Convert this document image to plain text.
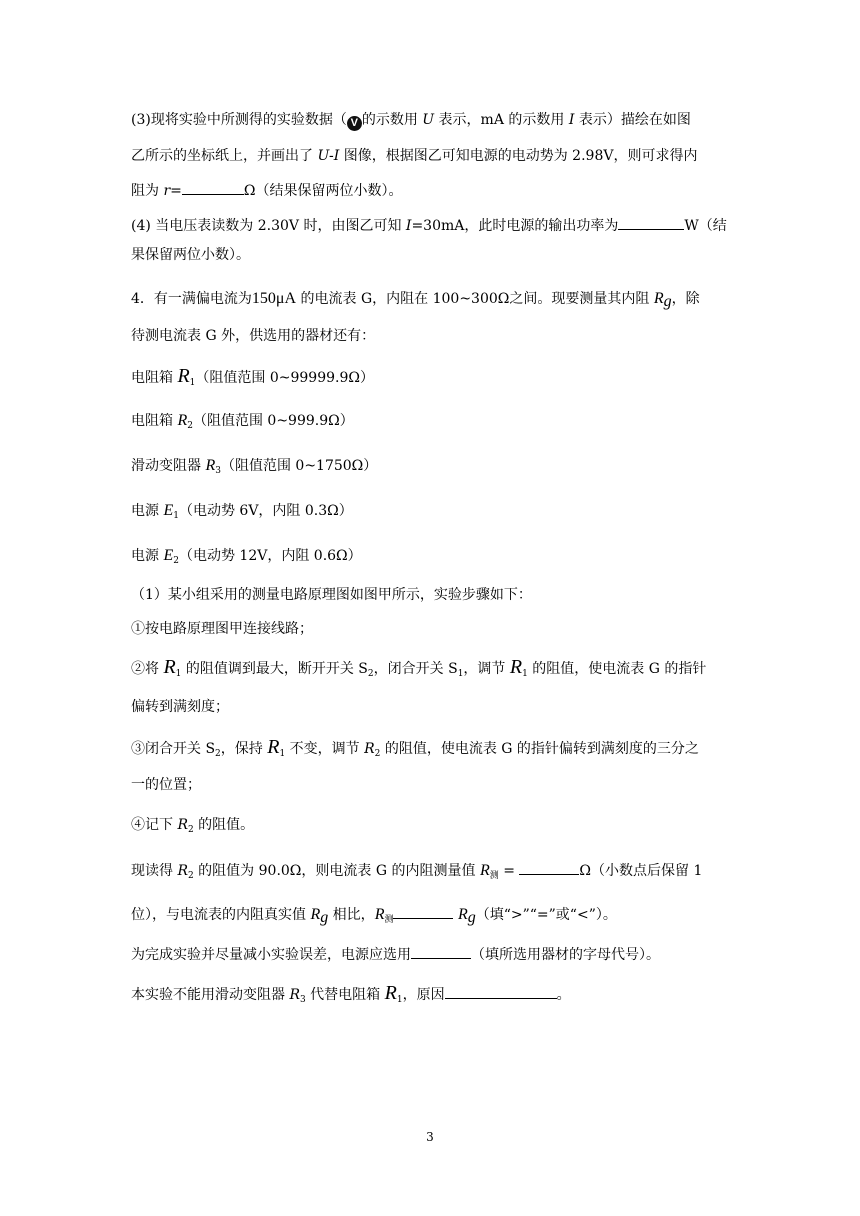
(3)现将实验中所测得的实验数据（ V 的示数用 U 表示，mA 的示数用 I 表示）描绘在如图
乙所示的坐标纸上，并画出了 U-I 图像，根据图乙可知电源的电动势为 2.98V，则可求得内
阻为 r=	Ω（结果保留两位小数）。
(4) 当电压表读数为 2.30V 时，由图乙可知 I=30mA，此时电源的输出功率为	W（结
果保留两位小数）。
4．有一满偏电流为150μA 的电流表 G，内阻在 100~300Ω之间。现要测量其内阻 $R_g$，除
待测电流表 G 外，供选用的器材还有：
电阻箱 $R_1$（阻值范围 0~99999.9Ω）
电阻箱 $R_2$（阻值范围 0~999.9Ω）
滑动变阻器 $R_3$（阻值范围 0~1750Ω）
电源 $E_1$（电动势 6V，内阻 0.3Ω）
电源 $E_2$（电动势 12V，内阻 0.6Ω）
（1）某小组采用的测量电路原理图如图甲所示，实验步骤如下：
①按电路原理图甲连接线路；
②将 $R_1$ 的阻值调到最大，断开开关 $S_2$，闭合开关 $S_1$，调节 $R_1$ 的阻值，使电流表 G 的指针
偏转到满刻度；
③闭合开关 $S_2$，保持 $R_1$ 不变，调节 $R_2$ 的阻值，使电流表 G 的指针偏转到满刻度的三分之
一的位置；
④记下 $R_2$ 的阻值。
现读得 $R_2$ 的阻值为 90.0Ω，则电流表 G 的内阻测量值 $R_测$ =	Ω（小数点后保留 1
位），与电流表的内阻真实值 $R_g$ 相比，$R_测$	$R_g$（填“>”“=”或“<”）。
为完成实验并尽量减小实验误差，电源应选用	（填所选用器材的字母代号）。
本实验不能用滑动变阻器 $R_3$ 代替电阻箱 $R_1$，原因	。
3
